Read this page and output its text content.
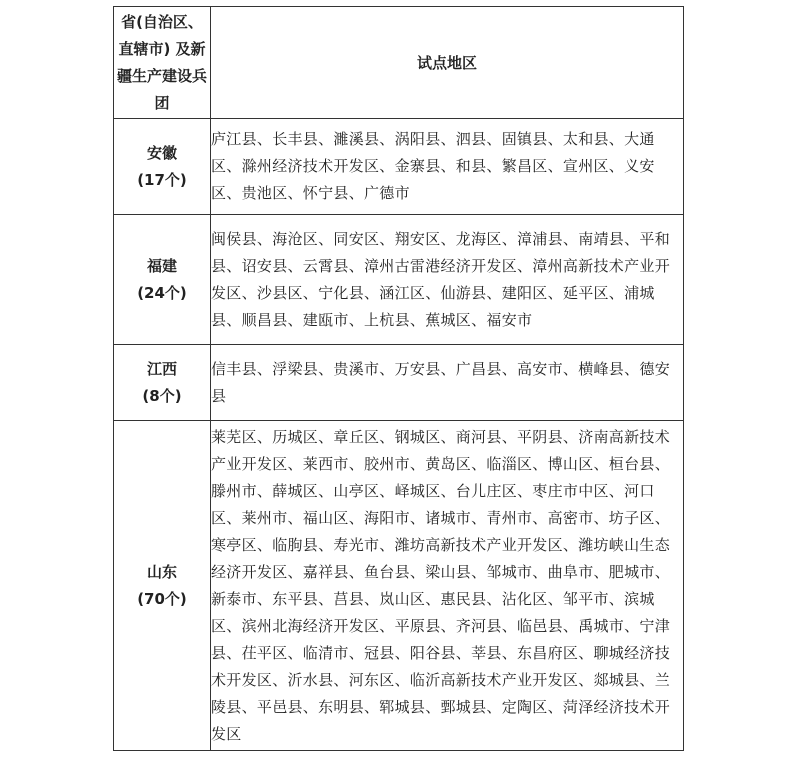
省(自治区、直辖市) 及新疆生产建设兵团	试点地区

安徽
(17个)	庐江县、长丰县、濉溪县、涡阳县、泗县、固镇县、太和县、大通区、滁州经济技术开发区、金寨县、和县、繁昌区、宣州区、义安区、贵池区、怀宁县、广德市

福建
(24个)	闽侯县、海沧区、同安区、翔安区、龙海区、漳浦县、南靖县、平和县、诏安县、云霄县、漳州古雷港经济开发区、漳州高新技术产业开发区、沙县区、宁化县、涵江区、仙游县、建阳区、延平区、浦城县、顺昌县、建瓯市、上杭县、蕉城区、福安市

江西
(8个)	信丰县、浮梁县、贵溪市、万安县、广昌县、高安市、横峰县、德安县

山东
(70个)	莱芜区、历城区、章丘区、钢城区、商河县、平阴县、济南高新技术产业开发区、莱西市、胶州市、黄岛区、临淄区、博山区、桓台县、滕州市、薛城区、山亭区、峄城区、台儿庄区、枣庄市中区、河口区、莱州市、福山区、海阳市、诸城市、青州市、高密市、坊子区、寒亭区、临朐县、寿光市、潍坊高新技术产业开发区、潍坊峡山生态经济开发区、嘉祥县、鱼台县、梁山县、邹城市、曲阜市、肥城市、新泰市、东平县、莒县、岚山区、惠民县、沾化区、邹平市、滨城区、滨州北海经济开发区、平原县、齐河县、临邑县、禹城市、宁津县、茌平区、临清市、冠县、阳谷县、莘县、东昌府区、聊城经济技术开发区、沂水县、河东区、临沂高新技术产业开发区、郯城县、兰陵县、平邑县、东明县、郓城县、鄄城县、定陶区、菏泽经济技术开发区
